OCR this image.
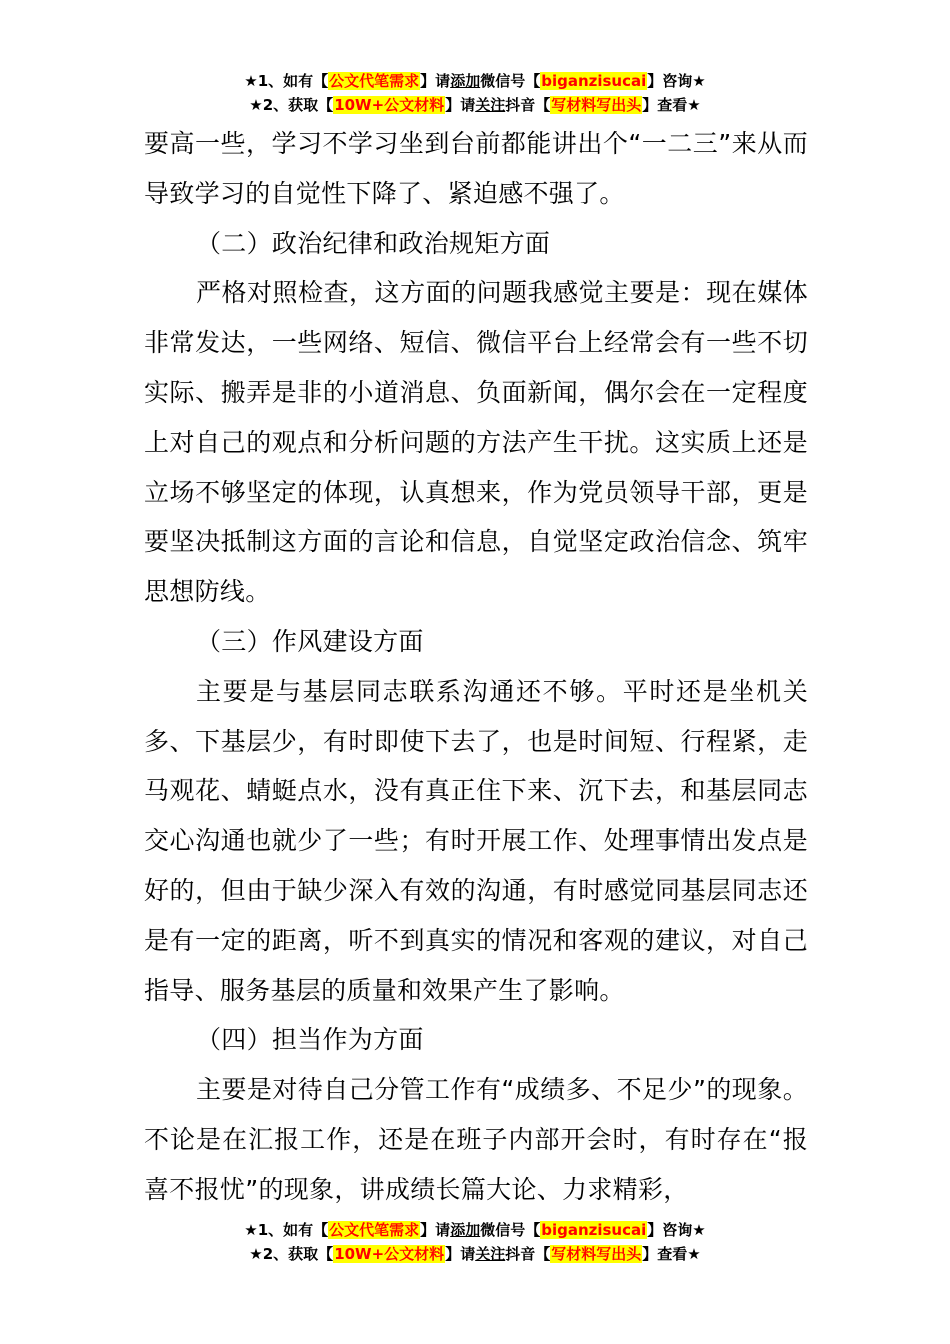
★1、如有【公文代笔需求】请添加微信号【biganzisucai】咨询★
★2、获取【10W+公文材料】请关注抖音【写材料写出头】查看★

要高一些，学习不学习坐到台前都能讲出个“一二三”来从而导致学习的自觉性下降了、紧迫感不强了。

（二）政治纪律和政治规矩方面

严格对照检查，这方面的问题我感觉主要是：现在媒体非常发达，一些网络、短信、微信平台上经常会有一些不切实际、搬弄是非的小道消息、负面新闻，偶尔会在一定程度上对自己的观点和分析问题的方法产生干扰。这实质上还是立场不够坚定的体现，认真想来，作为党员领导干部，更是要坚决抵制这方面的言论和信息，自觉坚定政治信念、筑牢思想防线。

（三）作风建设方面

主要是与基层同志联系沟通还不够。平时还是坐机关多、下基层少，有时即使下去了，也是时间短、行程紧，走马观花、蜻蜓点水，没有真正住下来、沉下去，和基层同志交心沟通也就少了一些；有时开展工作、处理事情出发点是好的，但由于缺少深入有效的沟通，有时感觉同基层同志还是有一定的距离，听不到真实的情况和客观的建议，对自己指导、服务基层的质量和效果产生了影响。

（四）担当作为方面

主要是对待自己分管工作有“成绩多、不足少”的现象。不论是在汇报工作，还是在班子内部开会时，有时存在“报喜不报忧”的现象，讲成绩长篇大论、力求精彩，

★1、如有【公文代笔需求】请添加微信号【biganzisucai】咨询★
★2、获取【10W+公文材料】请关注抖音【写材料写出头】查看★
